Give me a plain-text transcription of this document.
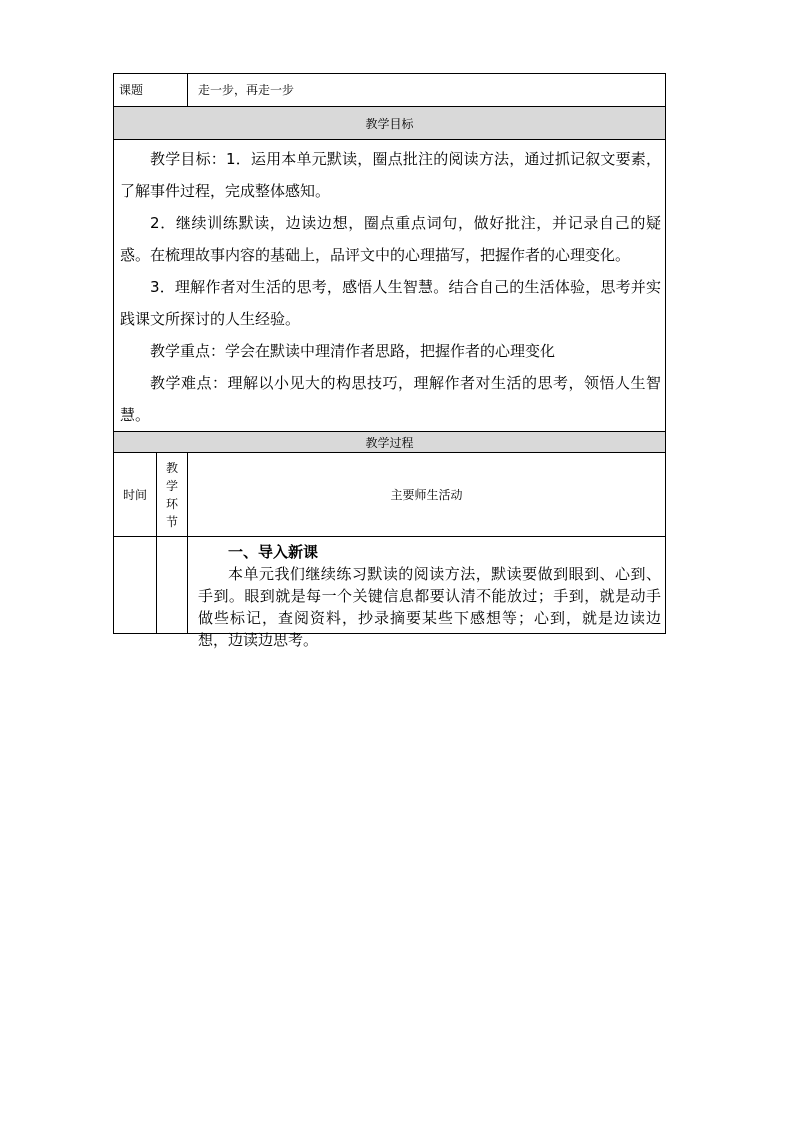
课题		走一步，再走一步
教学目标		

教学目标：1．运用本单元默读，圈点批注的阅读方法，通过抓记叙文要素，了解事件过程，完成整体感知。

2．继续训练默读，边读边想，圈点重点词句，做好批注，并记录自己的疑惑。在梳理故事内容的基础上，品评文中的心理描写，把握作者的心理变化。

3．理解作者对生活的思考，感悟人生智慧。结合自己的生活体验，思考并实践课文所探讨的人生经验。

教学重点：学会在默读中理清作者思路，把握作者的心理变化

教学难点：理解以小见大的构思技巧，理解作者对生活的思考，领悟人生智慧。		

教学过程		
时间	教学环节	主要师生活动

		一、导入新课

本单元我们继续练习默读的阅读方法，默读要做到眼到、心到、手到。眼到就是每一个关键信息都要认清不能放过；手到，就是动手做些标记，查阅资料，抄录摘要某些下感想等；心到，就是边读边想，边读边思考。
